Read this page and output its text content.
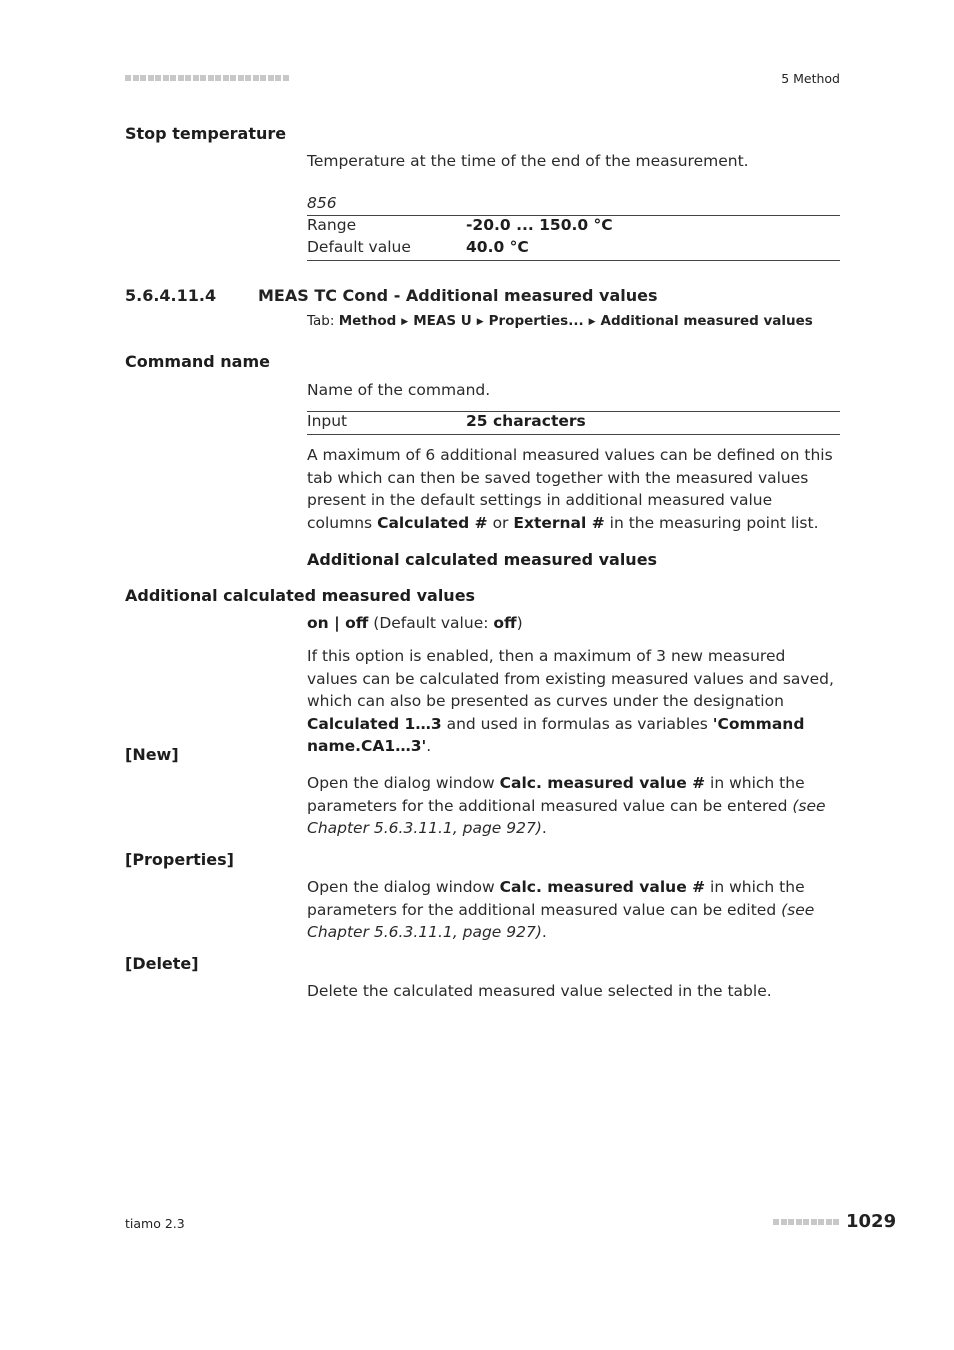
5 Method
Stop temperature
Temperature at the time of the end of the measurement.
856
Range	-20.0 ... 150.0 °C
Default value	40.0 °C
5.6.4.11.4	MEAS TC Cond - Additional measured values
Tab: Method ▶ MEAS U ▶ Properties... ▶ Additional measured values
Command name
Name of the command.
Input	25 characters
A maximum of 6 additional measured values can be defined on this tab which can then be saved together with the measured values present in the default settings in additional measured value columns Calculated # or External # in the measuring point list.
Additional calculated measured values
Additional calculated measured values
on | off (Default value: off)
If this option is enabled, then a maximum of 3 new measured values can be calculated from existing measured values and saved, which can also be presented as curves under the designation Calculated 1…3 and used in formulas as variables 'Command name.CA1…3'.
[New]
Open the dialog window Calc. measured value # in which the parameters for the additional measured value can be entered (see Chapter 5.6.3.11.1, page 927).
[Properties]
Open the dialog window Calc. measured value # in which the parameters for the additional measured value can be edited (see Chapter 5.6.3.11.1, page 927).
[Delete]
Delete the calculated measured value selected in the table.
tiamo 2.3	1029
